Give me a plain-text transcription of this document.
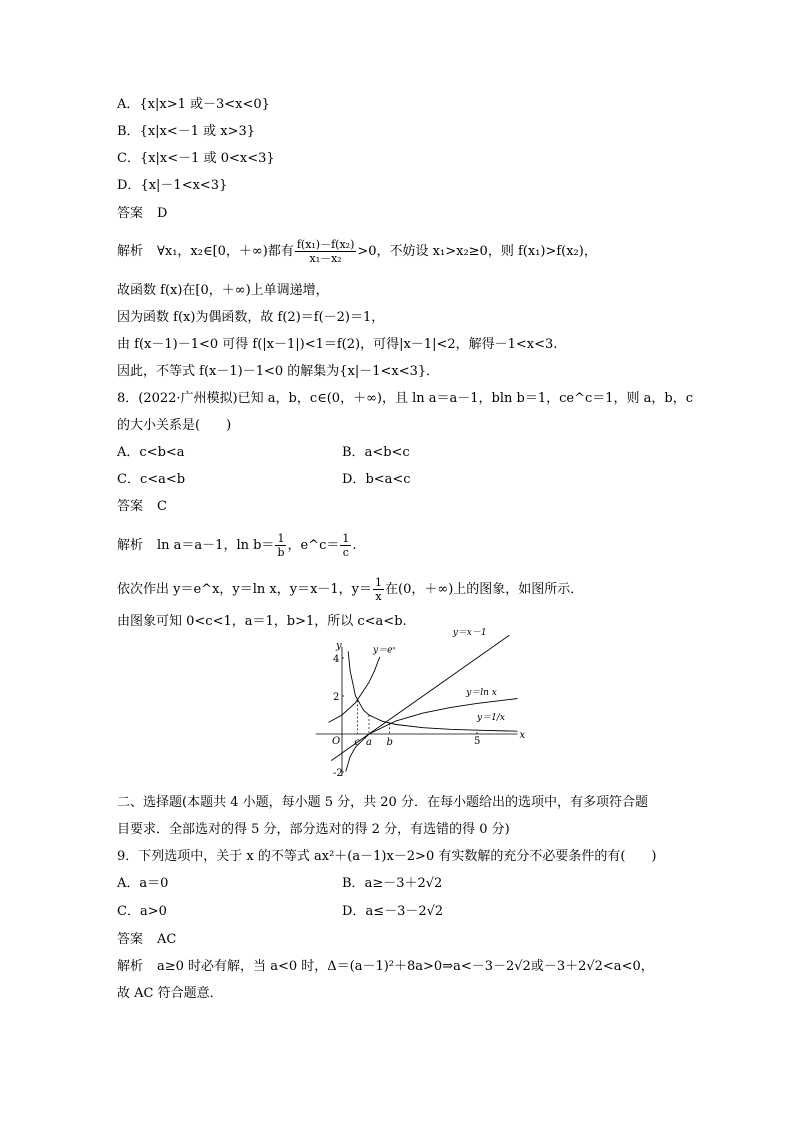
A．{x|x>1 或－3<x<0}
B．{x|x<－1 或 x>3}
C．{x|x<－1 或 0<x<3}
D．{x|－1<x<3}
答案 D
解析 ∀x₁，x₂∈[0，＋∞)都有 $\frac{\text{f(x₁)－f(x₂)}}{\text{x₁－x₂}} >0$，不妨设 x₁>x₂≥0，则 f(x₁)>f(x₂)，
故函数 f(x)在[0，＋∞)上单调递增，
因为函数 f(x)为偶函数，故 f(2)＝f(－2)＝1，
由 f(x－1)－1<0 可得 f(|x－1|)<1＝f(2)，可得|x－1|<2，解得－1<x<3.
因此，不等式 f(x－1)－1<0 的解集为{x|－1<x<3}．
8．(2022·广州模拟)已知 a，b，c∈(0，＋∞)，且 ln a＝a－1，bln b＝1，ce^c＝1，则 a，b，c
的大小关系是(　　)
A．c<b<a	B．a<b<c
C．c<a<b	D．b<a<c
答案 C
解析 ln a＝a－1，$\ln b= \frac{1}{b}$ ，e^c＝ $\frac{1}{c}$ .
依次作出 y＝e^x，y＝ln x，y＝x－1，$y= \frac{1}{x}$ 在(0，＋∞)上的图象，如图所示．
由图象可知 0<c<1，a＝1，b>1，所以 c<a<b.
x
y
O	5
4
2
-2
y＝eˣ
y＝x－1
y＝ln x
y＝1/x
c a b
二、选择题(本题共 4 小题，每小题 5 分，共 20 分．在每小题给出的选项中，有多项符合题
目要求．全部选对的得 5 分，部分选对的得 2 分，有选错的得 0 分)
9．下列选项中，关于 x 的不等式 ax²＋(a－1)x－2>0 有实数解的充分不必要条件的有(　　)
A．a＝0	B．a≥－3＋2√2
C．a>0	D．a≤－3－2√2
答案 AC
解析 a≥0 时必有解，当 a<0 时，Δ＝(a－1)²＋8a>0⇒a<－3－2√2或－3＋2√2<a<0，
故 AC 符合题意．
